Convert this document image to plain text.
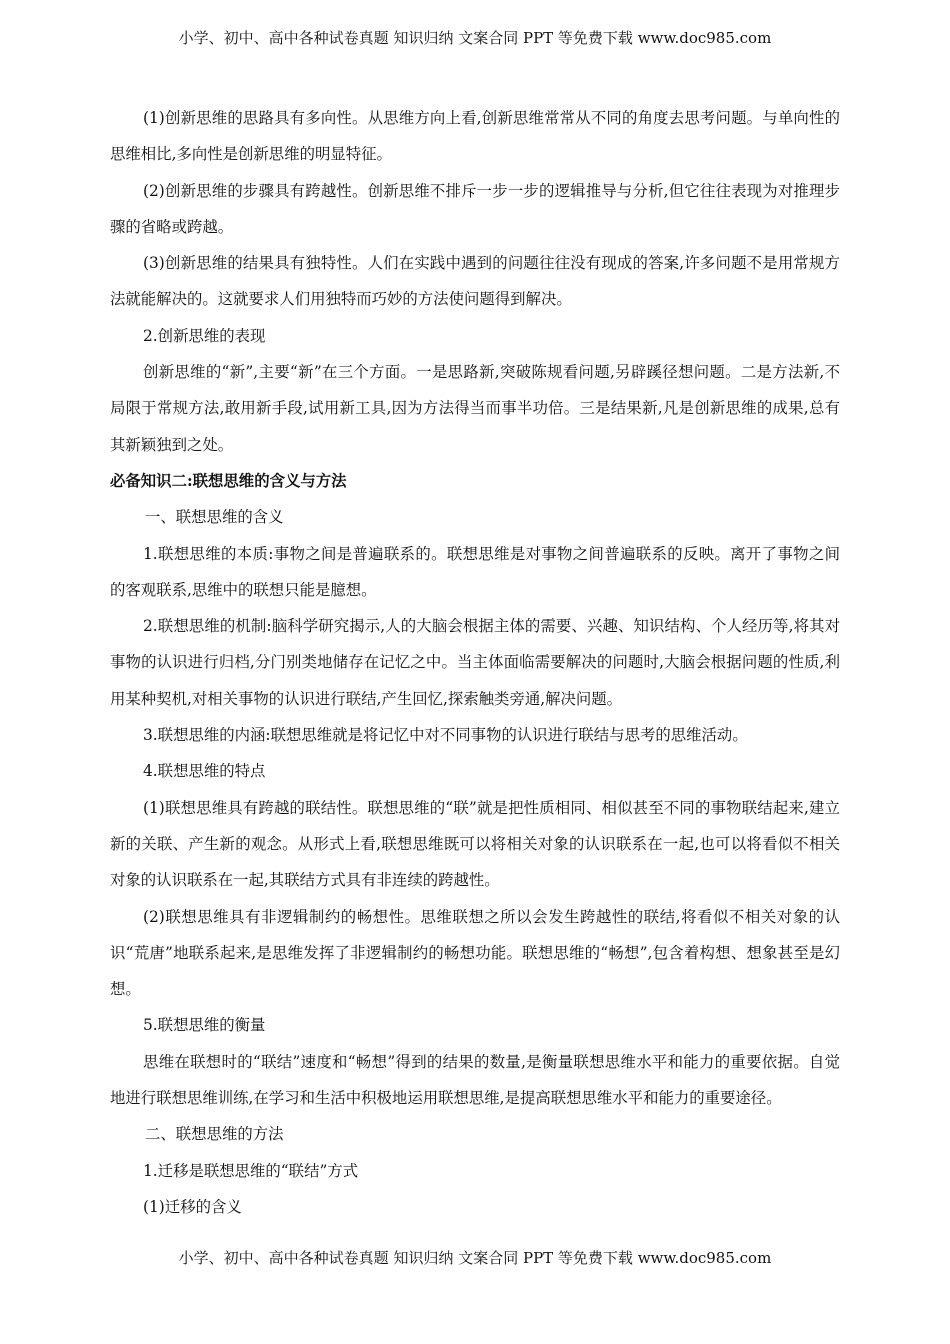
小学、初中、高中各种试卷真题 知识归纳 文案合同 PPT 等免费下载 www.doc985.com

(1)创新思维的思路具有多向性。从思维方向上看,创新思维常常从不同的角度去思考问题。与单向性的思维相比,多向性是创新思维的明显特征。

(2)创新思维的步骤具有跨越性。创新思维不排斥一步一步的逻辑推导与分析,但它往往表现为对推理步骤的省略或跨越。

(3)创新思维的结果具有独特性。人们在实践中遇到的问题往往没有现成的答案,许多问题不是用常规方法就能解决的。这就要求人们用独特而巧妙的方法使问题得到解决。

2.创新思维的表现

创新思维的“新”,主要“新”在三个方面。一是思路新,突破陈规看问题,另辟蹊径想问题。二是方法新,不局限于常规方法,敢用新手段,试用新工具,因为方法得当而事半功倍。三是结果新,凡是创新思维的成果,总有其新颖独到之处。

必备知识二:联想思维的含义与方法

一、联想思维的含义

1.联想思维的本质:事物之间是普遍联系的。联想思维是对事物之间普遍联系的反映。离开了事物之间的客观联系,思维中的联想只能是臆想。

2.联想思维的机制:脑科学研究揭示,人的大脑会根据主体的需要、兴趣、知识结构、个人经历等,将其对事物的认识进行归档,分门别类地储存在记忆之中。当主体面临需要解决的问题时,大脑会根据问题的性质,利用某种契机,对相关事物的认识进行联结,产生回忆,探索触类旁通,解决问题。

3.联想思维的内涵:联想思维就是将记忆中对不同事物的认识进行联结与思考的思维活动。

4.联想思维的特点

(1)联想思维具有跨越的联结性。联想思维的“联”就是把性质相同、相似甚至不同的事物联结起来,建立新的关联、产生新的观念。从形式上看,联想思维既可以将相关对象的认识联系在一起,也可以将看似不相关对象的认识联系在一起,其联结方式具有非连续的跨越性。

(2)联想思维具有非逻辑制约的畅想性。思维联想之所以会发生跨越性的联结,将看似不相关对象的认识“荒唐”地联系起来,是思维发挥了非逻辑制约的畅想功能。联想思维的“畅想”,包含着构想、想象甚至是幻想。

5.联想思维的衡量

思维在联想时的“联结”速度和“畅想”得到的结果的数量,是衡量联想思维水平和能力的重要依据。自觉地进行联想思维训练,在学习和生活中积极地运用联想思维,是提高联想思维水平和能力的重要途径。

二、联想思维的方法

1.迁移是联想思维的“联结”方式

(1)迁移的含义

小学、初中、高中各种试卷真题 知识归纳 文案合同 PPT 等免费下载 www.doc985.com
